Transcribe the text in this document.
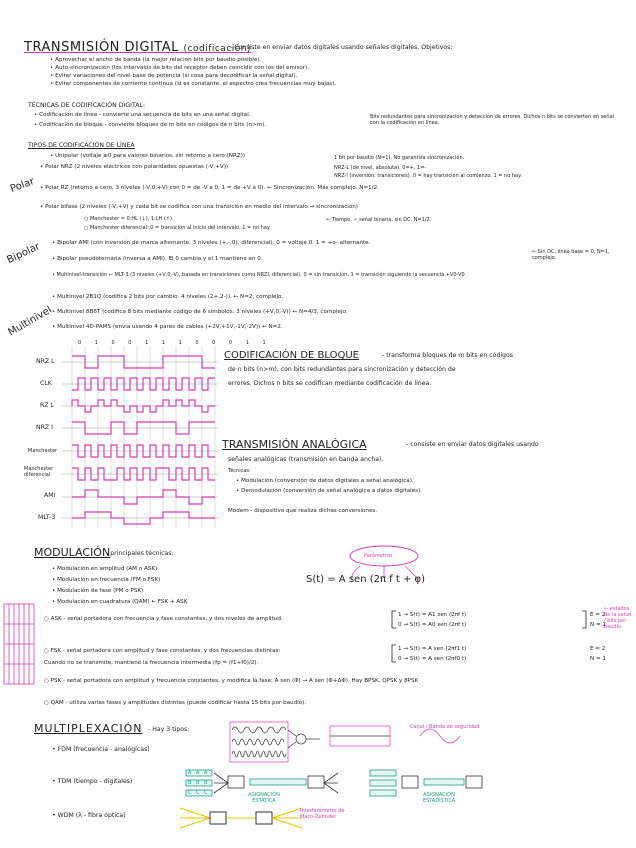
TRANSMISIÓN DIGITAL (codificación)
- Consiste en enviar datos digitales usando señales digitales. Objetivos:
• Aprovechar el ancho de banda (la mejor relación bits por baudio posible).
• Auto-sincronización (los intervalos de bits del receptor deben coincidir con los del emisor).
• Evitar variaciones del nivel base de potencia (si cosa para decodificar la señal digital).
• Evitar componentes de corriente continua (si es constante, el espectro crea frecuencias muy bajas).
TÉCNICAS DE CODIFICACIÓN DIGITAL:
• Codificación de línea - convierte una secuencia de bits en una señal digital.
• Codificación de bloque - convierte bloques de m bits en códigos de n bits (n>m).
Bits redundantes para sincronización y detección de errores. Dichos n bits se convierten en señal con la codificación en línea.
TIPOS DE CODIFICACIÓN DE LÍNEA
• Unipolar (voltaje ≥0 para valores binarios, sin retorno a cero (NRZ))	1 bit por baudio (N=1). No garantiza sincronización.
Polar
• Polar NRZ (2 niveles eléctricos con polaridades opuestas (-V,+V))	NRZ-L (de nivel, absoluta). 0=+, 1=-
NRZ-I (inversión, transiciones). 0 = hay transición al comienzo. 1 = no hay.
• Polar RZ (retorno a cero, 3 niveles (-V,0,+V) con 0 = de -V a 0, 1 = de +V a 0). ← Sincronización. Más complejo. N=1/2.
• Polar bifase (2 niveles (-V,+V) y cada bit se codifica con una transición en medio del intervalo → sincronización)
○ Manchester = 0:HL (↓), 1:LH (↑).
○ Manchester diferencial: 0 = transición al inicio del intervalo, 1 = no hay.
← Tiempo. ✓ señal binaria, sin DC. N=1/2.
Bipolar • Bipolar AMI (con inversión de marca alternante, 3 niveles (+,-,0), diferencial). 0 = voltaje 0. 1 = +o- alternante.
• Bipolar pseudoternaria (inversa a AMI). El 0 cambia y el 1 mantiene en 0.
← Sin DC, línea base = 0, N=1, complejo.
• Multinivel-transición ← MLT-3 (3 niveles (+V,0,-V), basada en transiciones como NRZI, diferencial). 0 = sin transición. 1 = transición siguiendo la secuencia +V0-V0
Multinivel
• Multinivel 2B1Q (codifica 2 bits por cambio. 4 niveles (2+,2-)). ← N=2, complejo.
• Multinivel 8B6T (codifica 8 bits mediante código de 6 símbolos. 3 niveles (+V,0,-V)) ← N=4/3, complejo.
• Multinivel 4D-PAMS (envía usando 4 pares de cables (+2V,+1V,-1V,-2V)) ← N=2.
0 1 0 0 1 1 1 0 0 0 1 1
NRZ L
CLK
RZ L
NRZ I
Manchester
Manchester diferencial
AMI
MLT-3
CODIFICACIÓN DE BLOQUE	- transforma bloques de m bits en códigos
de n bits (n>m), con bits redundantes para sincronización y detección de
errores. Dichos n bits se codifican mediante codificación de línea.
TRANSMISIÓN ANALÓGICA	- consiste en enviar datos digitales usando
señales analógicas (transmisión en banda ancha).
Técnicas:
• Modulación (conversión de datos digitales a señal analógica).
• Demodulación (conversión de señal analógica a datos digitales).
Módem - dispositivo que realiza dichas conversiones.
MODULACIÓN
- principales técnicas:
• Modulación en amplitud (AM o ASK)
• Modulación en frecuencia (FM o FSK)
• Modulación de fase (PM o PSK)
• Modulación en cuadratura (QAM) ← FSK + ASK
Parámetros
S(t) = A sen (2π f t + φ)
○ ASK - señal portadora con frecuencia y fase constantes, y dos niveles de amplitud:
1 → S(t) = A1 sen (2πf t)
0 → S(t) = A0 sen (2πf t)
E = 2
N = 1
← estados de la señal / bits por baudio
○ FSK - señal portadora con amplitud y fase constantes, y dos frecuencias distintas:
Cuando no se transmite, mantiene la frecuencia intermedia (fp = (f1+f0)/2).
1 → S(t) = A sen (2πf1 t)
0 → S(t) = A sen (2πf0 t)
E = 2
N = 1
○ PSK - señal portadora con amplitud y frecuencia constantes, y modifica la fase: A sen (Φ) → A sen (Φ+ΔΦ). Hay BPSK, QPSK y 8PSK
○ QAM - utiliza varias fases y amplitudes distintas (puede codificar hasta 15 bits por baudio).
MULTIPLEXACIÓN - Hay 3 tipos:
• FDM (frecuencia - analógicas)
• TDM (tiempo - digitales)
• WDM (λ - fibra óptica)
A A A
B B B
C C C	ASIGNACIÓN ESTÁTICA
ASIGNACIÓN ESTADÍSTICA
Canal / Banda de seguridad
Interferómetro de Mach-Zehnder
